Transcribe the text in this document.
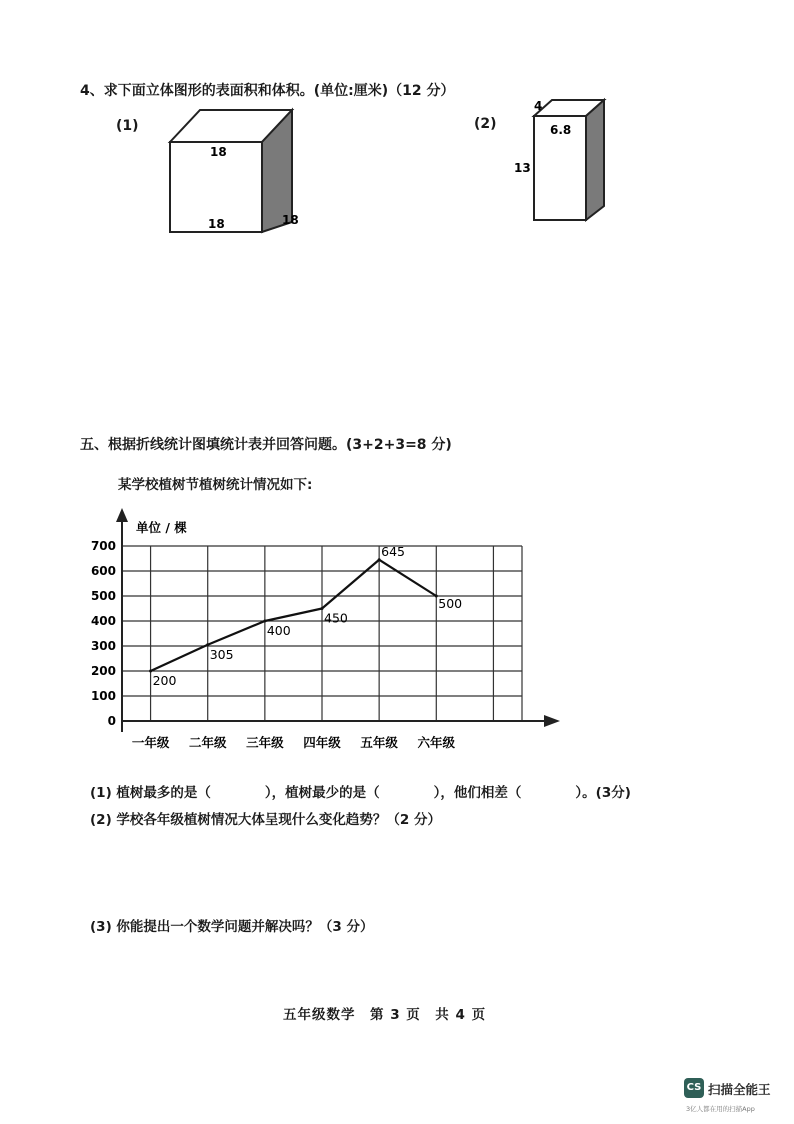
4、求下面立体图形的表面积和体积。(单位:厘米)（12 分）
(1)
18
18	18
(2)
4
6.8
13
五、根据折线统计图填统计表并回答问题。(3+2+3=8 分)
某学校植树节植树统计情况如下:
单位 / 棵
0
100
200
300
400
500
600
700
一年级 二年级 三年级 四年级 五年级 六年级
200
305
400
450
645
500
(1) 植树最多的是（　　　　），植树最少的是（　　　　），他们相差（　　　　）。(3分)
(2) 学校各年级植树情况大体呈现什么变化趋势？（2 分）
(3) 你能提出一个数学问题并解决吗？（3 分）
五年级数学　第 3 页　共 4 页
CS 扫描全能王
3亿人都在用的扫描App
